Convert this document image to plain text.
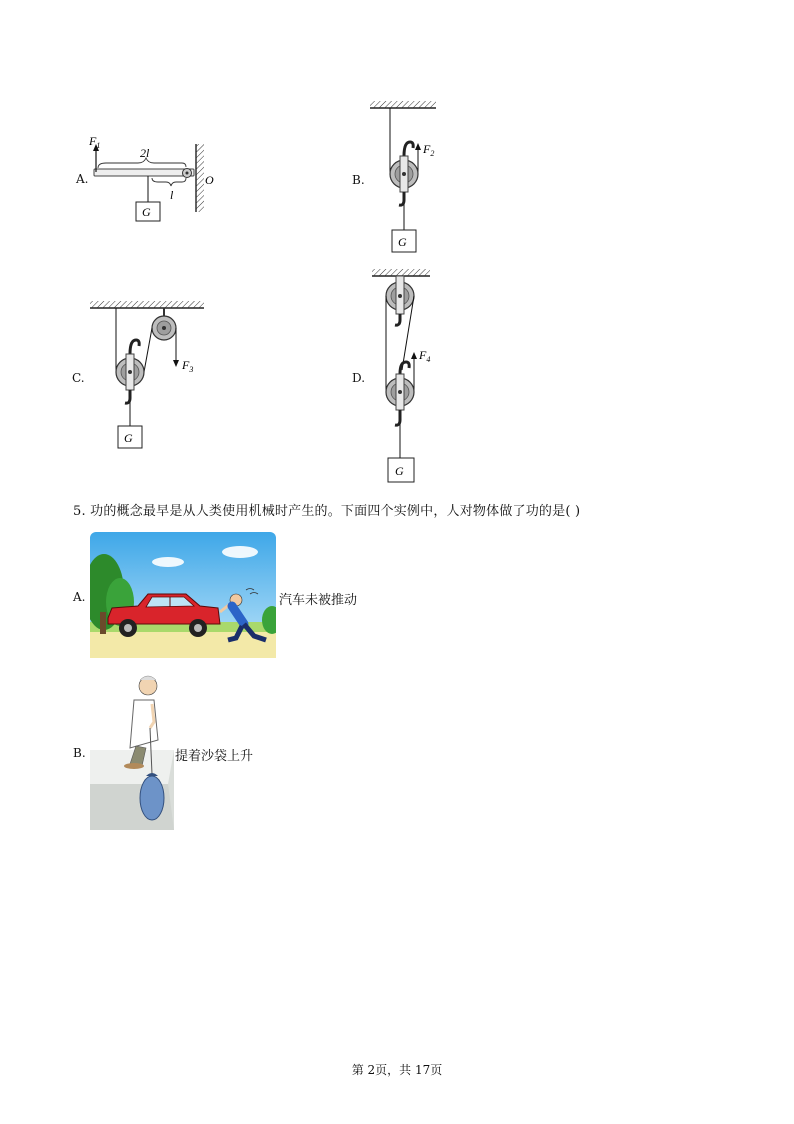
A.
$F_1$
2l
l
O
G
B.
$F_2$
G
C.
$F_3$
G
D.
$F_4$
G
5. 功的概念最早是从人类使用机械时产生的。下面四个实例中，人对物体做了功的是( )
A.	汽车未被推动
B.	提着沙袋上升
第 2页，共 17页
